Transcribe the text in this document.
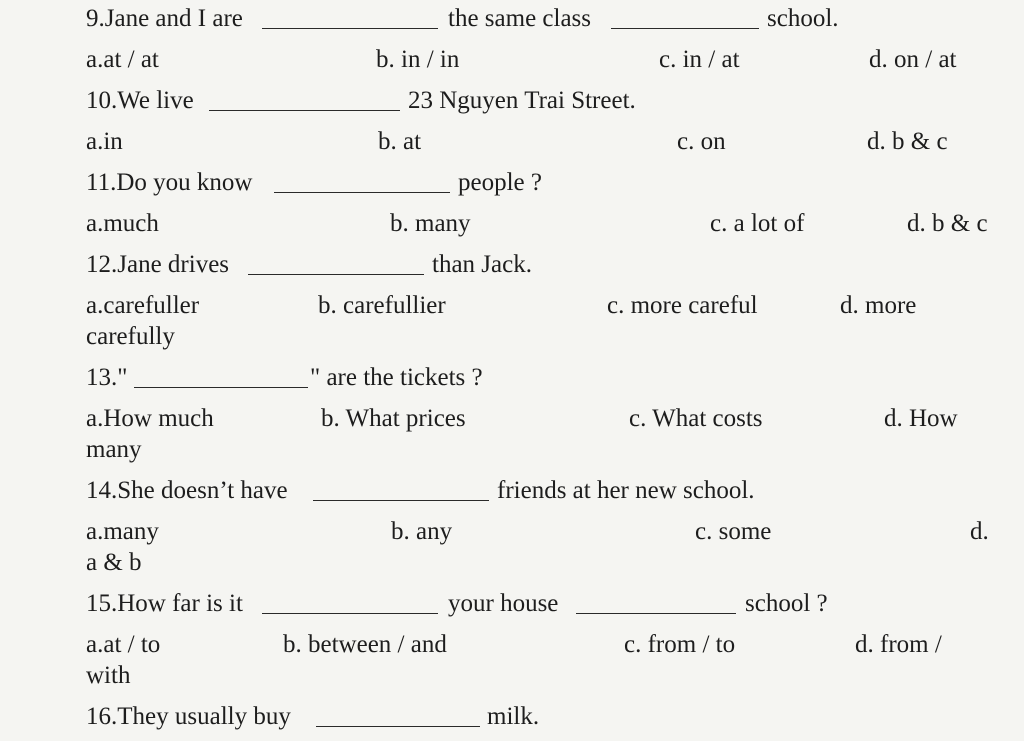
9.Jane and I are	the same class	school.
a.at / at	b. in / in	c. in / at	d. on / at
10.We live	23 Nguyen Trai Street.
a.in	b. at	c. on	d. b & c
11.Do you know	people ?
a.much	b. many	c. a lot of	d. b & c
12.Jane drives	than Jack.
a.carefuller	b. carefullier	c. more careful	d. more
carefully
13."	" are the tickets ?
a.How much	b. What prices	c. What costs	d. How
many
14.She doesn’t have	friends at her new school.
a.many	b. any	c. some	d.
a & b
15.How far is it	your house	school ?
a.at / to	b. between / and	c. from / to	d. from /
with
16.They usually buy	milk.
